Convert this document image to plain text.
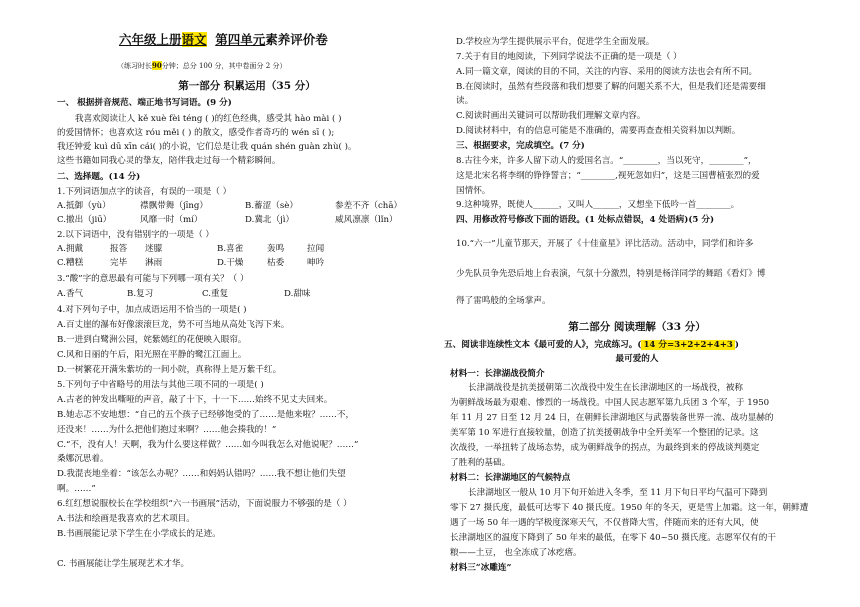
六年级上册语文 第四单元素养评价卷
（练习时长90分钟；总分 100 分，其中卷面分 2 分）
第一部分 积累运用（35 分）
一、 根据拼音规范、端正地书写词语。(9 分)
我喜欢阅读让人 kě xuè fèi téng ( )的红色经典，感受其 hào mài ( )
的爱国情怀；也喜欢这 róu měi ( ) 的散文，感受作者奇巧的 wén sī ( );
我还钟爱 kuì dū xīn cái( )的小说，它们总是让我 quán shén guàn zhù( )。
这些书籍如同我心灵的挚友，陪伴我走过每一个精彩瞬间。
二、选择题。(14 分)
1.下列词语加点字的读音，有误的一项是（ ）
A.抵御（yù）	襟飘带舞（jīng）	B.蓄涩（sè）	参差不齐（chā）
C.撤出（jiū）	风靡一时（mí）	D.冀北（jì）	威风凛凛（lǐn）
2.以下词语中，没有错别字的一项是（ ）
A.拥戴	报答 迷朦	B.喜雀	轰鸣	拉闻
C.糟糕	完毕 淋雨	D.干燥	枯委	呻吟
3.“酸”字的意思最有可能与下列哪一项有关？（ ）
A.香气	B.复习	C.重复	D.甜味
4.对下列句子中，加点成语运用不恰当的一项是( )
A.百丈崖的瀑布好像滚滚巨龙，势不可当地从高处飞泻下来。
B.一进到白鹭洲公园，姹紫嫣红的花便映入眼帘。
C.风和日丽的午后，阳光照在平静的鹭江江面上。
D.一树繁花开满朱紫坊的一间小院，真称得上是万紫千红。
5.下列句子中省略号的用法与其他三项不同的一项是( )
A.古老的钟发出嘶哑的声音，敲了十下，十一下……始终不见丈夫回来。
B.她忐忑不安地想：“自己的五个孩子已经够饱受的了……是他来啦？……不，
还没来！……为什么把他们抱过来啊？……他会揍我的！”
C.“不，没有人！天啊，我为什么要这样做？……如今叫我怎么对他说呢？……”
桑娜沉思着。
D.我混丧地坐着：“该怎么办呢？……和妈妈认错吗？……我不想让他们失望
啊。……”
6.红红想说服校长在学校组织“六一书画展”活动，下面说服力不够强的是（ ）
A.书法和绘画是我喜欢的艺术项目。
B.书画展能记录下学生在小学成长的足迹。
C. 书画展能让学生展现艺术才华。
D.学校应为学生提供展示平台，促进学生全面发展。
7.关于有目的地阅读，下列同学说法不正确的是一项是（ ）
A.同一篇文章，阅读的目的不同，关注的内容、采用的阅读方法也会有所不同。
B.在阅读时，虽然有些段落和我们想要了解的问题关系不大，但是我们还是需要细
读。
C.阅读时画出关键词可以帮助我们理解文章内容。
D.阅读材料中，有的信息可能是不准确的，需要再查查相关资料加以判断。
三、根据要求，完成填空。(7 分)
8.古往今来，许多人留下动人的爱国名言。“________，当以死守，________”，
这是北宋名将李纲的铮铮誓言；“________,视死忽如归”，这是三国曹植张烈的爱
国情怀。
9.这种境界，既使人______，又叫人______，又想坐下低吟一首________。
四、用修改符号修改下面的语段。(1 处标点错误，4 处语病)(5 分)
10.“六一”儿童节那天，开展了《十佳童星》评比活动。活动中，同学们和许多
少先队员争先恐后地上台表演，气氛十分激烈，特别是杨洋同学的舞蹈《看灯》博
得了雷鸣般的全场掌声。
第二部分 阅读理解（33 分）
五、阅读非连续性文本《最可爱的人》，完成练习。( 14 分=3+2+2+4+3 )
最可爱的人
材料一：长津湖战役简介
长津湖战役是抗美援朝第二次战役中发生在长津湖地区的一场战役，被称
为朝鲜战场最为艰难、惨烈的一场战役。中国人民志愿军第九兵团 3 个军，于 1950
年 11 月 27 日至 12 月 24 日，在朝鲜长津湖地区与武器装备世界一流、战功显赫的
美军第 10 军进行直接较量，创造了抗美援朝战争中全歼美军一个整团的记录。这
次战役，一举扭转了战场态势，成为朝鲜战争的拐点，为最终到来的停战谈判奠定
了胜利的基础。
材料二：长津湖地区的气候特点
长津湖地区一般从 10 月下旬开始进入冬季，至 11 月下旬日平均气温可下降到
零下 27 摄氏度，最低可达零下 40 摄氏度。1950 年的冬天，更是雪上加霜。这一年，朝鲜遭
遇了一场 50 年一遇的罕极度深寒天气，不仅普降大雪，伴随而来的还有大风，使
长津湖地区的温度下降到了 50 年来的最低，在零下 40~50 摄氏度。志愿军仅有的干
粮——土豆， 也全冻成了冰疙瘩。
材料三“冰雕连”
